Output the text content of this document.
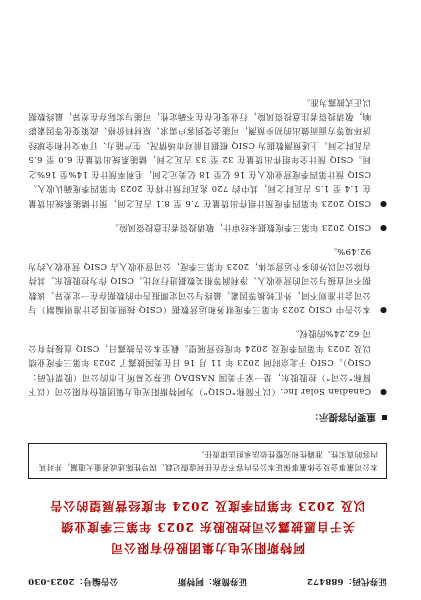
证券代码：688472
证券简称：阿特斯
公告编号：2023-030
阿特斯阳光电力集团股份有限公司
关于自愿披露公司控股股东 2023 年第三季度业绩
以及 2023 年第四季度及 2024 年度经营展望的公告
本公司董事会及全体董事保证本公告内容不存在任何虚假记载、误导性陈述或者重大遗漏，并对其内容的真实性、准确性和完整性依法承担法律责任。
重要内容提示：
●
Canadian Solar Inc.（以下简称“CSIQ”）为阿特斯阳光电力集团股份有限公司（以下简称“公司”）控股股东，是一家于美国 NASDAQ 证券交易所上市的公司（股票代码：CSIQ）。CSIQ 于北京时间 2023 年 11 月 16 日在美国披露了 2023 年第三季度业绩以及 2023 年第四季度及 2024 年度经营展望。截至本公告披露日，CSIQ 直接持有公司 62.24%的股权。
●
本公告中 CSIQ 2023 年第三季度财务和运营数据（CSIQ 按照美国会计准则编制）与公司会计准则不同，外汇转换等因素，最终与公司定期报告中的数据存在一定差异，该数据不可直接与公司的营业收入、净利润等相关数据进行对比。CSIQ 作为控股股东，其持有除公司以外的多个运营实体，2023 年第三季度，公司营业收入占 CSIQ 营业收入约为 92.49%。
●
CSIQ 2023 年第三季度数据未经审计，敬请投资者注意投资风险。
●
CSIQ 2023 年第四季度预计组件出货量在 7.6 至 8.1 吉瓦之间，预计储能系统出货量在 1.4 至 1.5 吉瓦时之间，其中约 720 兆瓦时预计将在 2023 年第四季度确认收入。CSIQ 预计第四季度营业收入在 16 亿至 18 亿美元之间，毛利率预计在 14%至 16%之间。CSIQ 预计全年组件出货量在 32 至 33 吉瓦之间，储能系统出货量在 6.0 至 6.5 吉瓦时之间。上述预测数据为 CSIQ 根据目前对市场情况、生产能力、订单交付和全球经济环境等方面而做出的初步预测，可能会受到客户需求、原材料价格、政策变化等因素影响，敬请投资者注意投资风险，行业变化存在不确定性，可能与实际存在差异，最终数据以正式披露为准。
